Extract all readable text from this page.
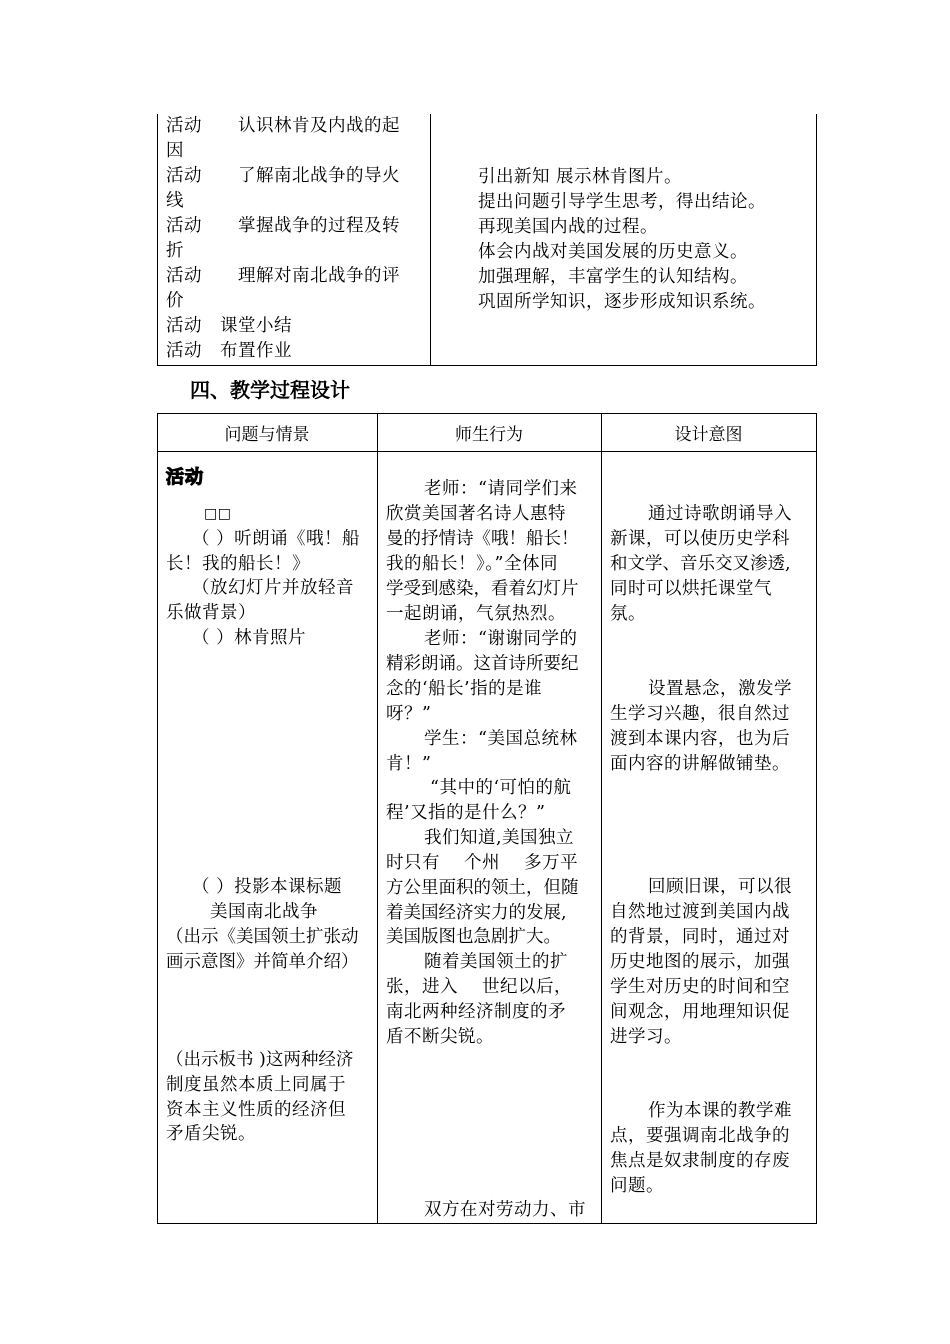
活动　　认识林肯及内战的起
因
活动　　了解南北战争的导火
线
活动　　掌握战争的过程及转
折
活动　　理解对南北战争的评
价
活动　课堂小结
活动　布置作业
引出新知 展示林肯图片。
提出问题引导学生思考，得出结论。
再现美国内战的过程。
体会内战对美国发展的历史意义。
加强理解，丰富学生的认知结构。
巩固所学知识，逐步形成知识系统。
四、教学过程设计
问题与情景	师生行为	设计意图
活动
□□
（ ）听朗诵《哦！船
长！我的船长！》
（放幻灯片并放轻音
乐做背景）
（ ）林肯照片
（ ）投影本课标题
美国南北战争
（出示《美国领土扩张动
画示意图》并简单介绍）
（出示板书 )这两种经济
制度虽然本质上同属于
资本主义性质的经济但
矛盾尖锐。
老师：“请同学们来
欣赏美国著名诗人惠特
曼的抒情诗《哦！船长！
我的船长！》。”全体同
学受到感染，看着幻灯片
一起朗诵，气氛热烈。
老师：“谢谢同学的
精彩朗诵。这首诗所要纪
念的‘船长’指的是谁
呀？”
学生：“美国总统林
肯！”
“其中的‘可怕的航
程’又指的是什么？”
我们知道,美国独立
时只有　 个州　 多万平
方公里面积的领土，但随
着美国经济实力的发展,
美国版图也急剧扩大。
随着美国领土的扩
张，进入　 世纪以后，
南北两种经济制度的矛
盾不断尖锐。
双方在对劳动力、市
通过诗歌朗诵导入
新课，可以使历史学科
和文学、音乐交叉渗透,
同时可以烘托课堂气
氛。
设置悬念，激发学
生学习兴趣，很自然过
渡到本课内容，也为后
面内容的讲解做铺垫。
回顾旧课，可以很
自然地过渡到美国内战
的背景，同时，通过对
历史地图的展示，加强
学生对历史的时间和空
间观念，用地理知识促
进学习。
作为本课的教学难
点，要强调南北战争的
焦点是奴隶制度的存废
问题。
